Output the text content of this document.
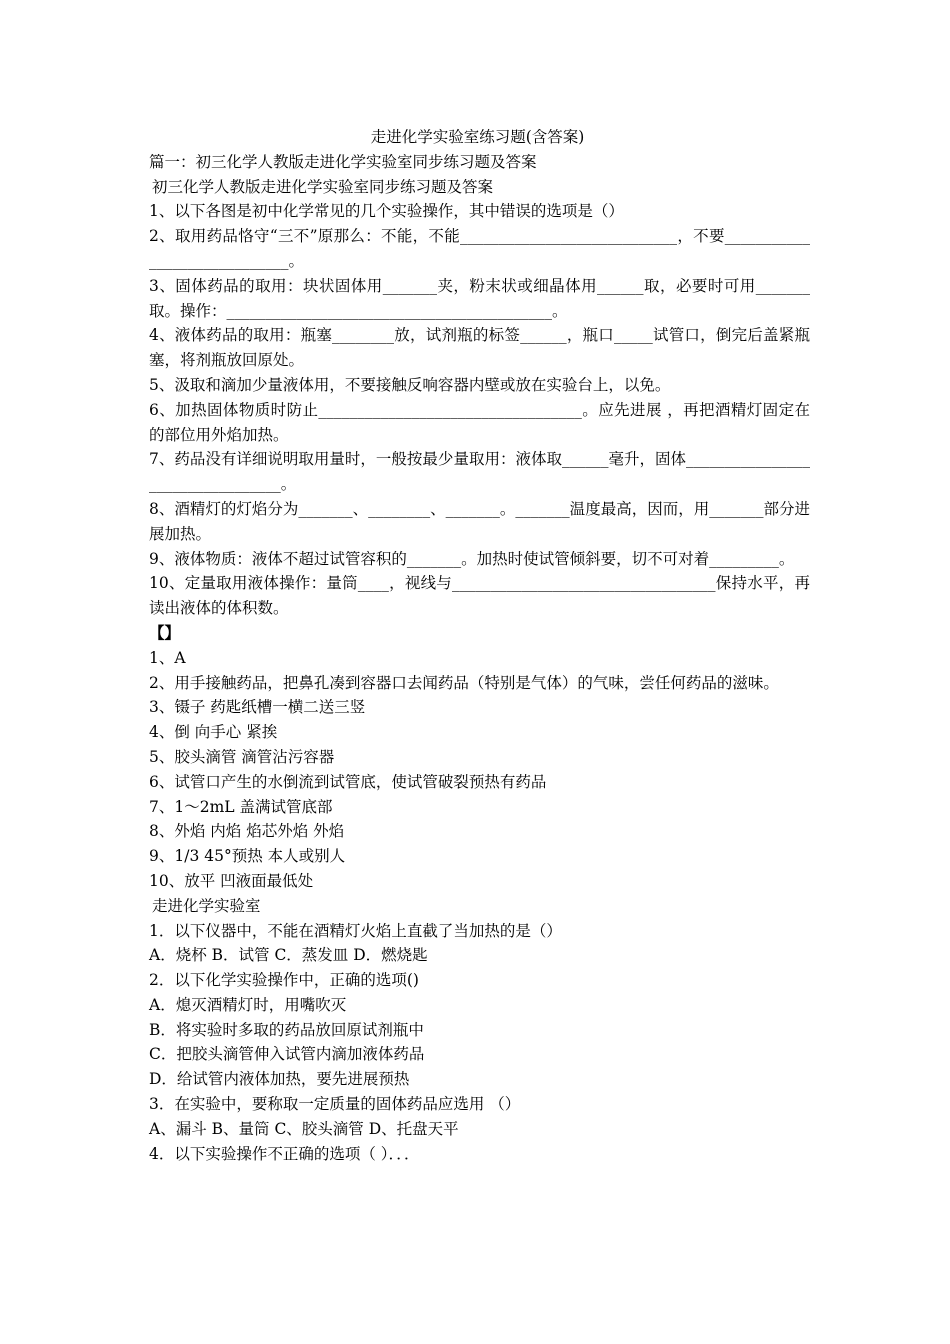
走进化学实验室练习题(含答案)

篇一：初三化学人教版走进化学实验室同步练习题及答案

初三化学人教版走进化学实验室同步练习题及答案

1、以下各图是初中化学常见的几个实验操作，其中错误的选项是（）

2、取用药品恪守“三不”原那么：不能，不能____________________________，不要_____________________________。

3、固体药品的取用：块状固体用_______夹，粉末状或细晶体用______取，必要时可用_______取。操作：__________________________________________。

4、液体药品的取用：瓶塞________放，试剂瓶的标签______，瓶口_____试管口，倒完后盖紧瓶塞，将剂瓶放回原处。

5、汲取和滴加少量液体用，不要接触反响容器内壁或放在实验台上，以免。

6、加热固体物质时防止__________________________________。应先进展 ，再把酒精灯固定在 的部位用外焰加热。

7、药品没有详细说明取用量时，一般按最少量取用：液体取______毫升，固体_________________________________。

8、酒精灯的灯焰分为_______、________、_______。_______温度最高，因而，用_______部分进展加热。

9、液体物质：液体不超过试管容积的_______。加热时使试管倾斜要，切不可对着_________。

10、定量取用液体操作：量筒____，视线与__________________________________保持水平，再读出液体的体积数。

【】

1、A

2、用手接触药品，把鼻孔凑到容器口去闻药品（特别是气体）的气味，尝任何药品的滋味。

3、镊子 药匙纸槽一横二送三竖

4、倒 向手心 紧挨

5、胶头滴管 滴管沾污容器

6、试管口产生的水倒流到试管底，使试管破裂预热有药品

7、1～2mL 盖满试管底部

8、外焰 内焰 焰芯外焰 外焰

9、1/3 45°预热 本人或别人

10、放平 凹液面最低处

走进化学实验室

1．以下仪器中，不能在酒精灯火焰上直截了当加热的是（）

A．烧杯 B．试管 C．蒸发皿 D．燃烧匙

2．以下化学实验操作中，正确的选项()

A．熄灭酒精灯时，用嘴吹灭

B．将实验时多取的药品放回原试剂瓶中

C．把胶头滴管伸入试管内滴加液体药品

D．给试管内液体加热，要先进展预热

3．在实验中，要称取一定质量的固体药品应选用 （）

A、漏斗 B、量筒 C、胶头滴管 D、托盘天平

4．以下实验操作不正确的选项（ ）．．．
